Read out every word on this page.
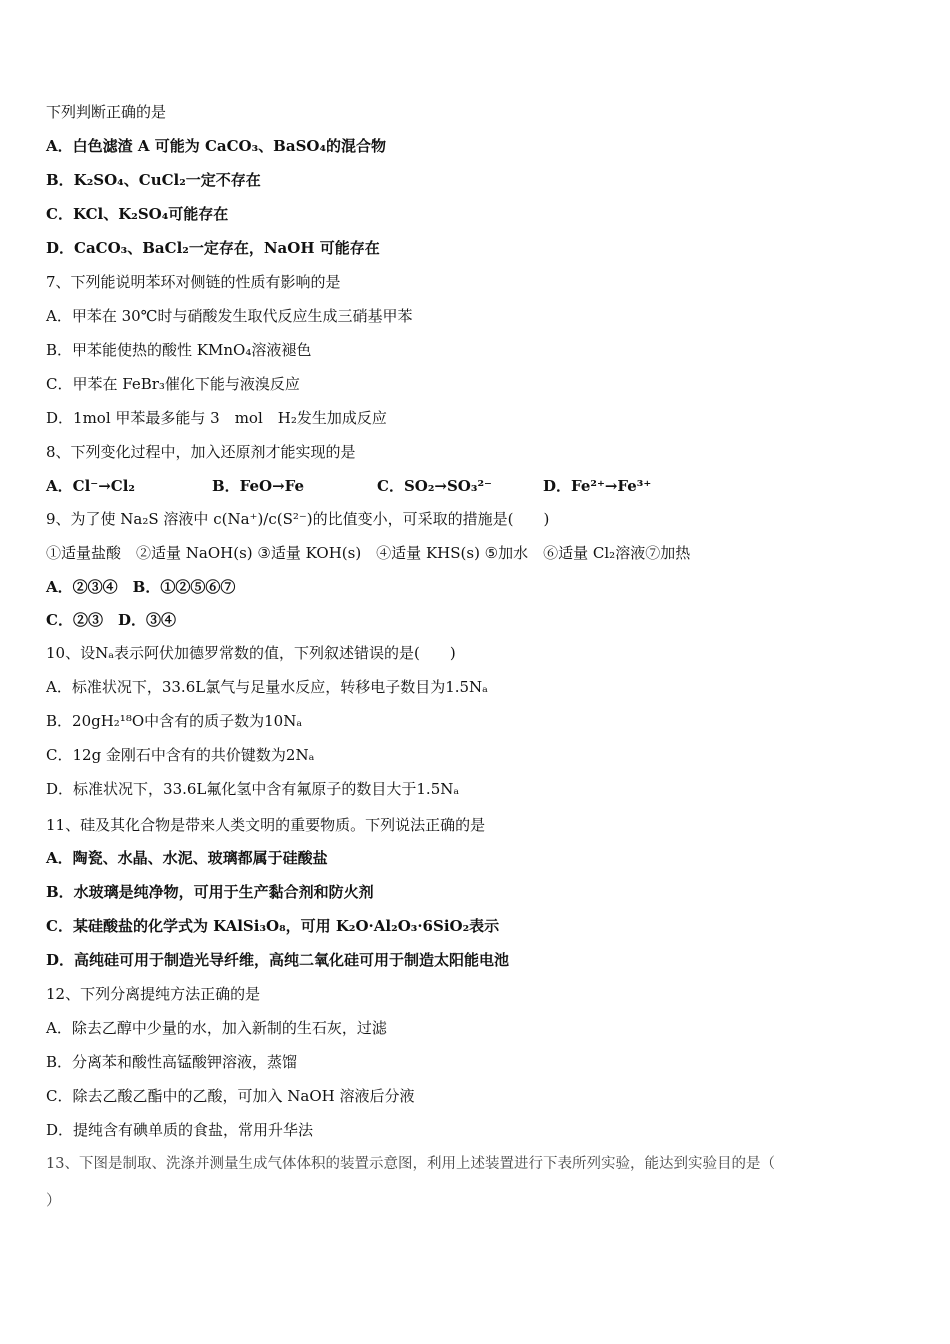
下列判断正确的是
A．白色滤渣 A 可能为 CaCO₃、BaSO₄的混合物
B．K₂SO₄、CuCl₂一定不存在
C．KCl、K₂SO₄可能存在
D．CaCO₃、BaCl₂一定存在，NaOH 可能存在
7、下列能说明苯环对侧链的性质有影响的是
A．甲苯在 30℃时与硝酸发生取代反应生成三硝基甲苯
B．甲苯能使热的酸性 KMnO₄溶液褪色
C．甲苯在 FeBr₃催化下能与液溴反应
D．1mol 甲苯最多能与 3　mol　H₂发生加成反应
8、下列变化过程中，加入还原剂才能实现的是
A．Cl⁻→Cl₂	B．FeO→Fe	C．SO₂→SO₃²⁻	D．Fe²⁺→Fe³⁺
9、为了使 Na₂S 溶液中 c(Na⁺)/c(S²⁻)的比值变小，可采取的措施是(　　)
①适量盐酸　②适量 NaOH(s) ③适量 KOH(s)　④适量 KHS(s) ⑤加水　⑥适量 Cl₂溶液⑦加热
A．②③④　B．①②⑤⑥⑦
C．②③　D．③④
10、设Nₐ表示阿伏加德罗常数的值，下列叙述错误的是(　　)
A．标准状况下，33.6L氯气与足量水反应，转移电子数目为1.5Nₐ
B．20gH₂¹⁸O中含有的质子数为10Nₐ
C．12g 金刚石中含有的共价键数为2Nₐ
D．标准状况下，33.6L氟化氢中含有氟原子的数目大于1.5Nₐ
11、硅及其化合物是带来人类文明的重要物质。下列说法正确的是
A．陶瓷、水晶、水泥、玻璃都属于硅酸盐
B．水玻璃是纯净物，可用于生产黏合剂和防火剂
C．某硅酸盐的化学式为 KAlSi₃O₈，可用 K₂O·Al₂O₃·6SiO₂表示
D．高纯硅可用于制造光导纤维，高纯二氧化硅可用于制造太阳能电池
12、下列分离提纯方法正确的是
A．除去乙醇中少量的水，加入新制的生石灰，过滤
B．分离苯和酸性高锰酸钾溶液，蒸馏
C．除去乙酸乙酯中的乙酸，可加入 NaOH 溶液后分液
D．提纯含有碘单质的食盐，常用升华法
13、下图是制取、洗涤并测量生成气体体积的装置示意图，利用上述装置进行下表所列实验，能达到实验目的是（
）
